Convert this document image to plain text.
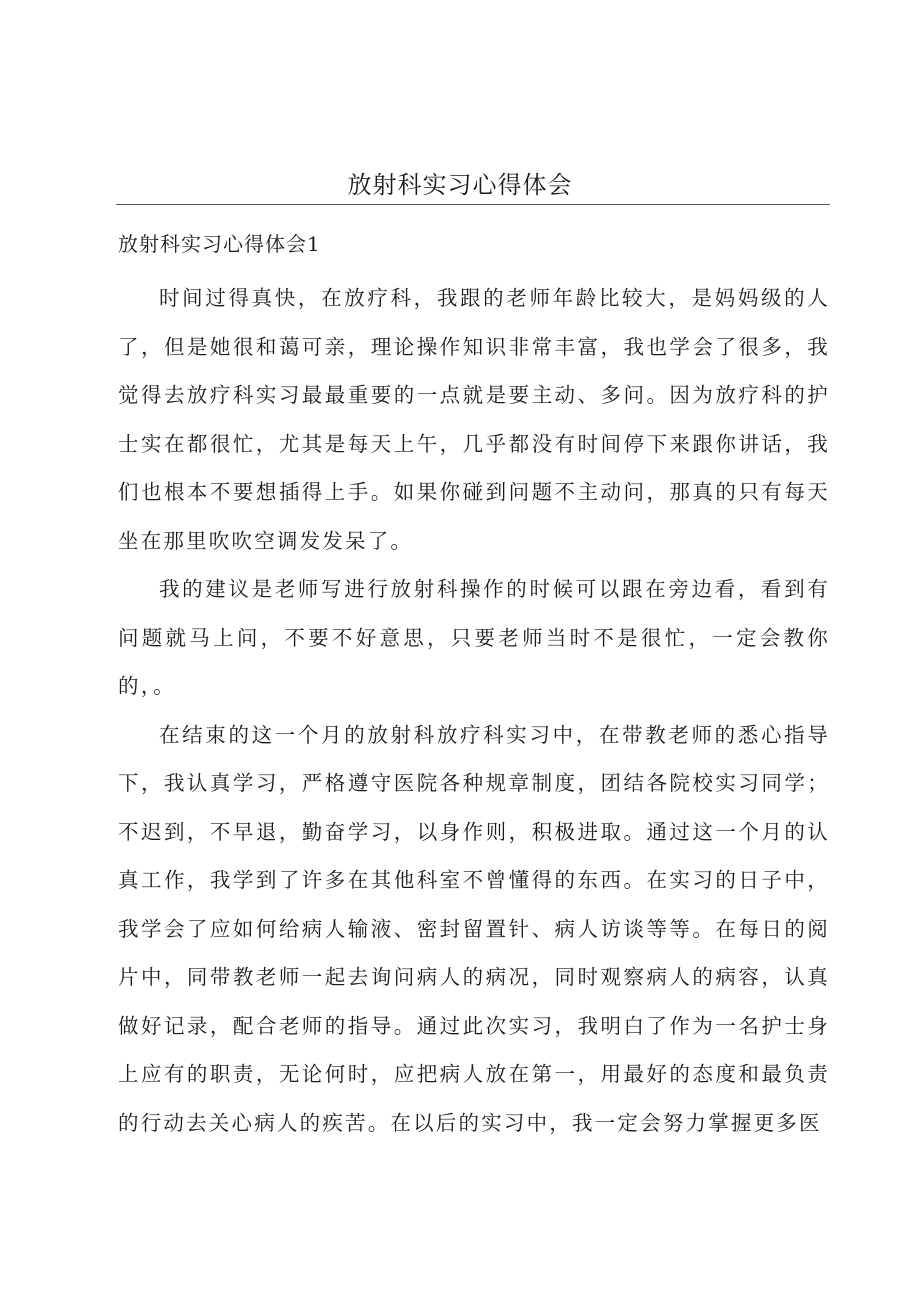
放射科实习心得体会
放射科实习心得体会1

时间过得真快，在放疗科，我跟的老师年龄比较大，是妈妈级的人了，但是她很和蔼可亲，理论操作知识非常丰富，我也学会了很多，我觉得去放疗科实习最最重要的一点就是要主动、多问。因为放疗科的护士实在都很忙，尤其是每天上午，几乎都没有时间停下来跟你讲话，我们也根本不要想插得上手。如果你碰到问题不主动问，那真的只有每天坐在那里吹吹空调发发呆了。

我的建议是老师写进行放射科操作的时候可以跟在旁边看，看到有问题就马上问，不要不好意思，只要老师当时不是很忙，一定会教你的，。

在结束的这一个月的放射科放疗科实习中，在带教老师的悉心指导下，我认真学习，严格遵守医院各种规章制度，团结各院校实习同学；不迟到，不早退，勤奋学习，以身作则，积极进取。通过这一个月的认真工作，我学到了许多在其他科室不曾懂得的东西。在实习的日子中，我学会了应如何给病人输液、密封留置针、病人访谈等等。在每日的阅片中，同带教老师一起去询问病人的病况，同时观察病人的病容，认真做好记录，配合老师的指导。通过此次实习，我明白了作为一名护士身上应有的职责，无论何时，应把病人放在第一，用最好的态度和最负责的行动去关心病人的疾苦。在以后的实习中，我一定会努力掌握更多医
